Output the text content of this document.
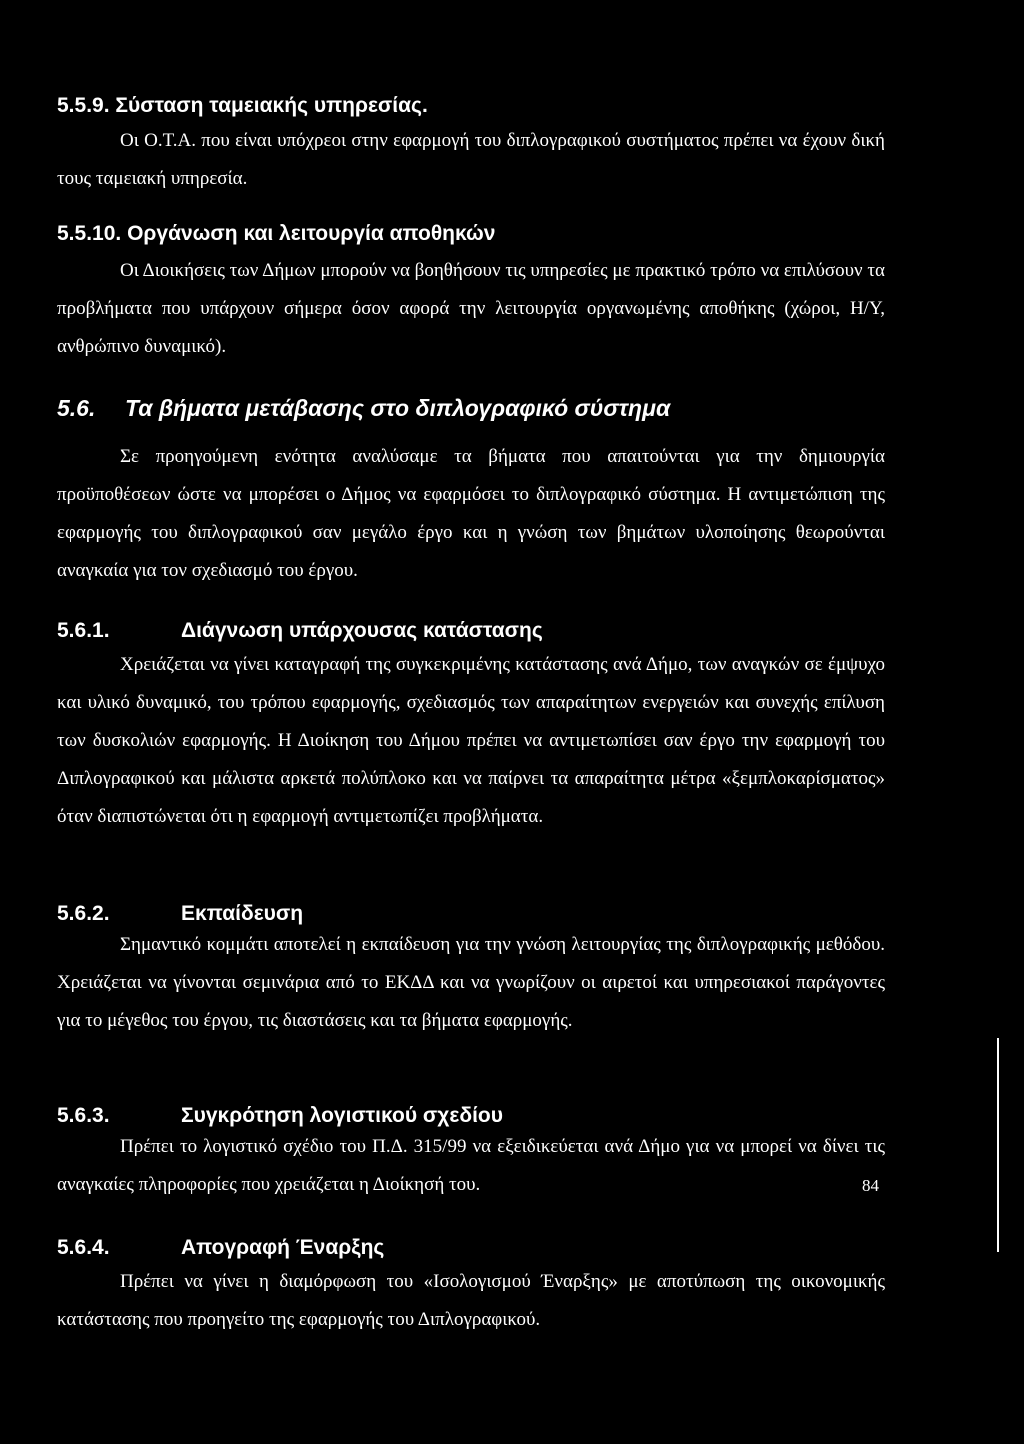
5.5.9. Σύσταση ταμειακής υπηρεσίας.

Οι Ο.Τ.Α. που είναι υπόχρεοι στην εφαρμογή του διπλογραφικού συστήματος πρέπει να έχουν δική τους ταμειακή υπηρεσία.

5.5.10. Οργάνωση και λειτουργία αποθηκών

Οι Διοικήσεις των Δήμων μπορούν να βοηθήσουν τις υπηρεσίες με πρακτικό τρόπο να επιλύσουν τα προβλήματα που υπάρχουν σήμερα όσον αφορά την λειτουργία οργανωμένης αποθήκης (χώροι, Η/Υ, ανθρώπινο δυναμικό).

5.6. Τα βήματα μετάβασης στο διπλογραφικό σύστημα

Σε προηγούμενη ενότητα αναλύσαμε τα βήματα που απαιτούνται για την δημιουργία προϋποθέσεων ώστε να μπορέσει ο Δήμος να εφαρμόσει το διπλογραφικό σύστημα. Η αντιμετώπιση της εφαρμογής του διπλογραφικού σαν μεγάλο έργο και η γνώση των βημάτων υλοποίησης θεωρούνται αναγκαία για τον σχεδιασμό του έργου.

5.6.1.	Διάγνωση υπάρχουσας κατάστασης

Χρειάζεται να γίνει καταγραφή της συγκεκριμένης κατάστασης ανά Δήμο, των αναγκών σε έμψυχο και υλικό δυναμικό, του τρόπου εφαρμογής, σχεδιασμός των απαραίτητων ενεργειών και συνεχής επίλυση των δυσκολιών εφαρμογής. Η Διοίκηση του Δήμου πρέπει να αντιμετωπίσει σαν έργο την εφαρμογή του Διπλογραφικού και μάλιστα αρκετά πολύπλοκο και να παίρνει τα απαραίτητα μέτρα «ξεμπλοκαρίσματος» όταν διαπιστώνεται ότι η εφαρμογή αντιμετωπίζει προβλήματα.

5.6.2.	Εκπαίδευση

Σημαντικό κομμάτι αποτελεί η εκπαίδευση για την γνώση λειτουργίας της διπλογραφικής μεθόδου. Χρειάζεται να γίνονται σεμινάρια από το ΕΚΔΔ και να γνωρίζουν οι αιρετοί και υπηρεσιακοί παράγοντες για το μέγεθος του έργου, τις διαστάσεις και τα βήματα εφαρμογής.

5.6.3.	Συγκρότηση λογιστικού σχεδίου

Πρέπει το λογιστικό σχέδιο του Π.Δ. 315/99 να εξειδικεύεται ανά Δήμο για να μπορεί να δίνει τις αναγκαίες πληροφορίες που χρειάζεται η Διοίκησή του.

5.6.4.	Απογραφή Έναρξης

Πρέπει να γίνει η διαμόρφωση του «Ισολογισμού Έναρξης» με αποτύπωση της οικονομικής κατάστασης που προηγείτο της εφαρμογής του Διπλογραφικού.

84
